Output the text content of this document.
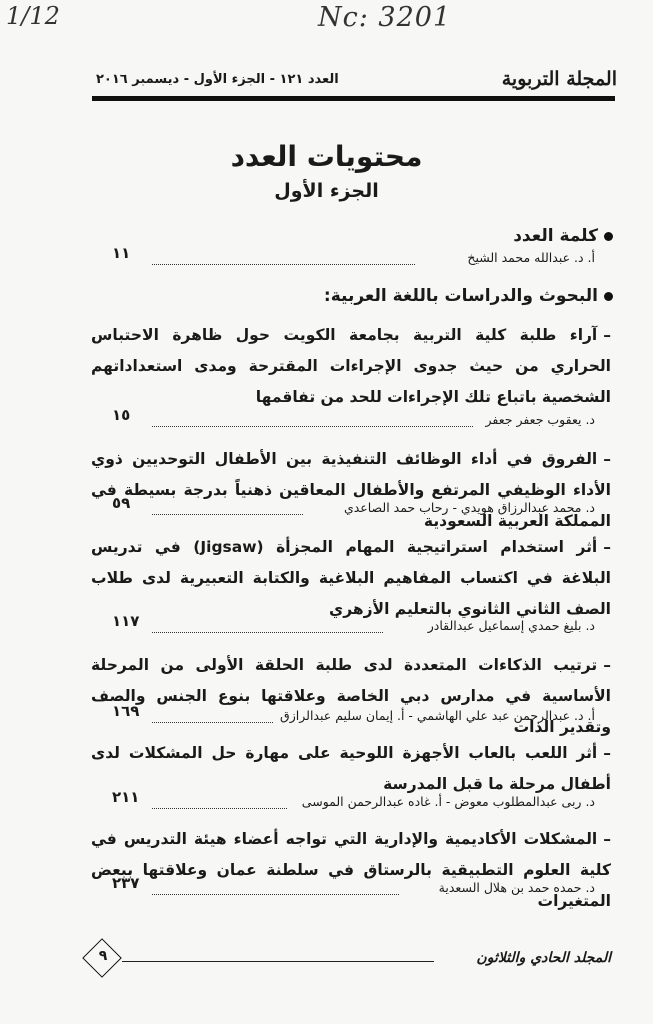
1/12	Nc: 3201
المجلة التربوية
العدد ١٢١ - الجزء الأول - ديسمبر ٢٠١٦
محتويات العدد
الجزء الأول
كلمة العدد
أ. د. عبدالله محمد الشيخ
١١
البحوث والدراسات باللغة العربية:
–آراء طلبة كلية التربية بجامعة الكويت حول ظاهرة الاحتباس الحراري من حيث جدوى الإجراءات المقترحة ومدى استعداداتهم الشخصية باتباع تلك الإجراءات للحد من تفاقمها
د. يعقوب جعفر جعفر
١٥
–الفروق في أداء الوظائف التنفيذية بين الأطفال التوحديين ذوي الأداء الوظيفي المرتفع والأطفال المعاقين ذهنياً بدرجة بسيطة في المملكة العربية السعودية
د. محمد عبدالرزاق هويدي - رحاب حمد الصاعدي
٥٩
–أثر استخدام استراتيجية المهام المجزأة (Jigsaw) في تدريس البلاغة في اكتساب المفاهيم البلاغية والكتابة التعبيرية لدى طلاب الصف الثاني الثانوي بالتعليم الأزهري
د. بليغ حمدي إسماعيل عبدالقادر
١١٧
–ترتيب الذكاءات المتعددة لدى طلبة الحلقة الأولى من المرحلة الأساسية في مدارس دبي الخاصة وعلاقتها بنوع الجنس والصف وتقدير الذات
أ. د. عبدالرحمن عبد علي الهاشمي - أ. إيمان سليم عبدالرازق
١٦٩
–أثر اللعب بالعاب الأجهزة اللوحية على مهارة حل المشكلات لدى أطفال مرحلة ما قبل المدرسة
د. ربى عبدالمطلوب معوض - أ. غاده عبدالرحمن الموسى
٢١١
–المشكلات الأكاديمية والإدارية التي تواجه أعضاء هيئة التدريس في كلية العلوم التطبيقية بالرستاق في سلطنة عمان وعلاقتها ببعض المتغيرات
د. حمده حمد بن هلال السعدية
٢٣٧
المجلد الحادي والثلاثون
٩
